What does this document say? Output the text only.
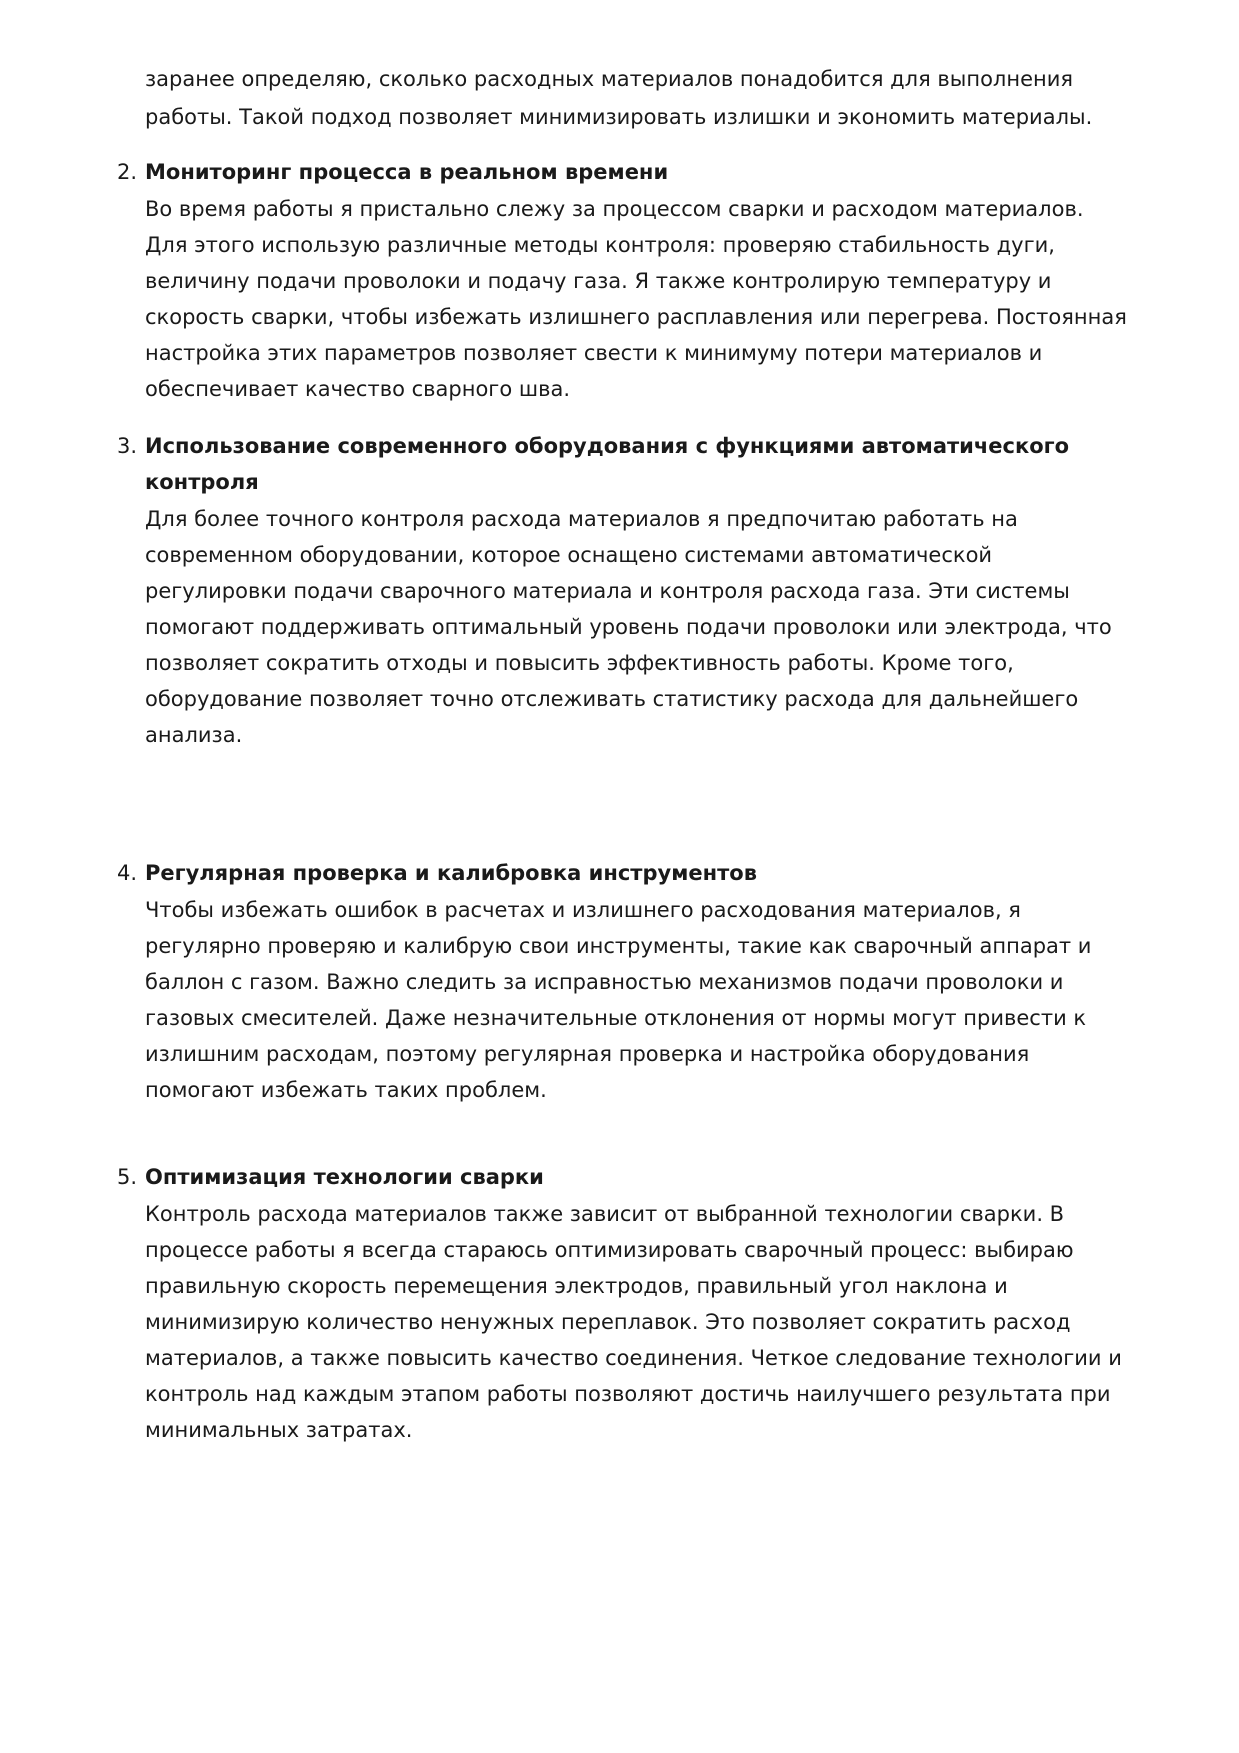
заранее определяю, сколько расходных материалов понадобится для выполнения
работы. Такой подход позволяет минимизировать излишки и экономить материалы.
2. Мониторинг процесса в реальном времени
Во время работы я пристально слежу за процессом сварки и расходом материалов.
Для этого использую различные методы контроля: проверяю стабильность дуги,
величину подачи проволоки и подачу газа. Я также контролирую температуру и
скорость сварки, чтобы избежать излишнего расплавления или перегрева. Постоянная
настройка этих параметров позволяет свести к минимуму потери материалов и
обеспечивает качество сварного шва.
3. Использование современного оборудования с функциями автоматического
контроля
Для более точного контроля расхода материалов я предпочитаю работать на
современном оборудовании, которое оснащено системами автоматической
регулировки подачи сварочного материала и контроля расхода газа. Эти системы
помогают поддерживать оптимальный уровень подачи проволоки или электрода, что
позволяет сократить отходы и повысить эффективность работы. Кроме того,
оборудование позволяет точно отслеживать статистику расхода для дальнейшего
анализа.
4. Регулярная проверка и калибровка инструментов
Чтобы избежать ошибок в расчетах и излишнего расходования материалов, я
регулярно проверяю и калибрую свои инструменты, такие как сварочный аппарат и
баллон с газом. Важно следить за исправностью механизмов подачи проволоки и
газовых смесителей. Даже незначительные отклонения от нормы могут привести к
излишним расходам, поэтому регулярная проверка и настройка оборудования
помогают избежать таких проблем.
5. Оптимизация технологии сварки
Контроль расхода материалов также зависит от выбранной технологии сварки. В
процессе работы я всегда стараюсь оптимизировать сварочный процесс: выбираю
правильную скорость перемещения электродов, правильный угол наклона и
минимизирую количество ненужных переплавок. Это позволяет сократить расход
материалов, а также повысить качество соединения. Четкое следование технологии и
контроль над каждым этапом работы позволяют достичь наилучшего результата при
минимальных затратах.
